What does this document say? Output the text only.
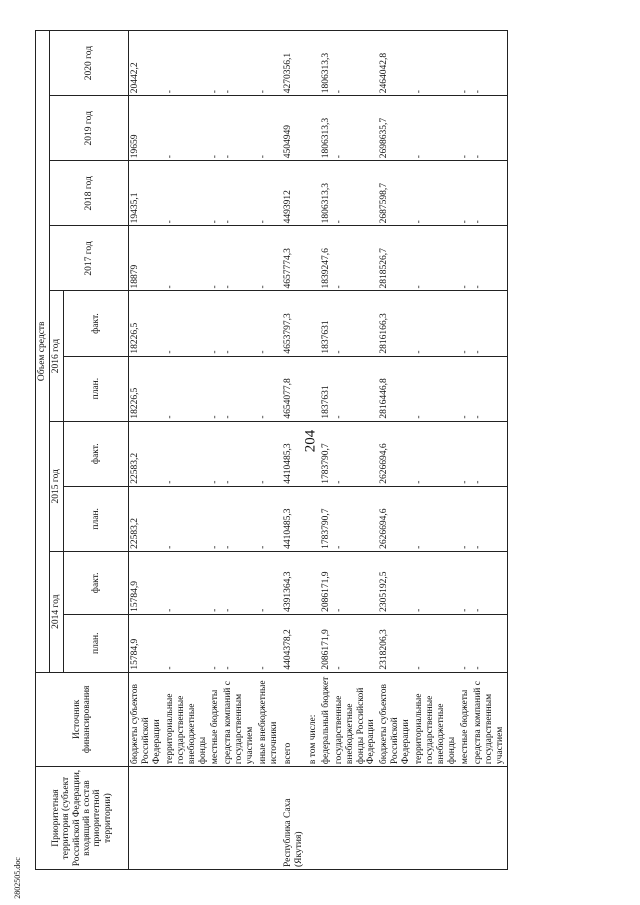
204
2802505.doc
Приоритетная территория (субъект Российской Федерации, входящий в состав приоритетной территории)	Источник финансирования	Объем средств									
		2014 год		2015 год		2016 год		2017 год	2018 год	2019 год	2020 год
		план.	факт.	план.	факт.	план.	факт.				
	бюджеты субъектов Российской Федерации	15784,9	15784,9	22583,2	22583,2	18226,5	18226,5	18879	19435,1	19659	20442,2
	территориальные государственные внебюджетные фонды	-	-	-	-	-	-	-	-	-	-
	местные бюджеты	-	-	-	-	-	-	-	-	-	-
	средства компаний с государственным участием	-	-	-	-	-	-	-	-	-	-
	иные внебюджетные источники	-	-	-	-	-	-	-	-	-	-
Республика Саха (Якутия)	всего	4404378,2	4391364,3	4410485,3	4410485,3	4654077,8	4653797,3	4657774,3	4493912	4504949	4270356,1
	в том числе:										
	федеральный бюджет	2086171,9	2086171,9	1783790,7	1783790,7	1837631	1837631	1839247,6	1806313,3	1806313,3	1806313,3
	государственные внебюджетные фонды Российской Федерации	-	-	-	-	-	-	-	-	-	-
	бюджеты субъектов Российской Федерации	2318206,3	2305192,5	2626694,6	2626694,6	2816446,8	2816166,3	2818526,7	2687598,7	2698635,7	2464042,8
	территориальные государственные внебюджетные фонды	-	-	-	-	-	-	-	-	-	-
	местные бюджеты	-	-	-	-	-	-	-	-	-	-
	средства компаний с государственным участием	-	-	-	-	-	-	-	-	-	-
